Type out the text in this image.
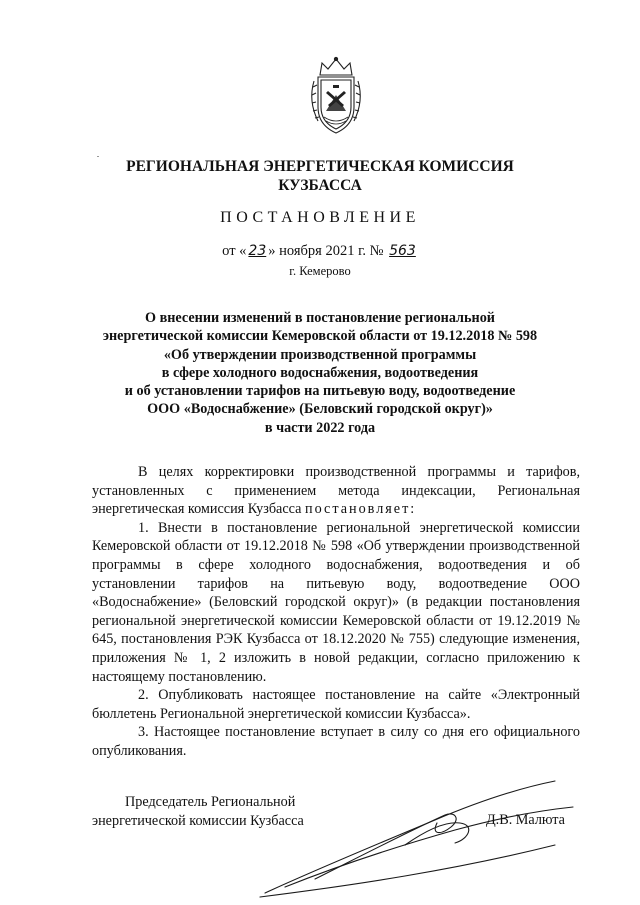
РЕГИОНАЛЬНАЯ ЭНЕРГЕТИЧЕСКАЯ КОМИССИЯ
КУЗБАССА
ПОСТАНОВЛЕНИЕ
от « 23 » ноября 2021 г. № 563
г. Кемерово
О внесении изменений в постановление региональной
энергетической комиссии Кемеровской области от 19.12.2018 № 598
«Об утверждении производственной программы
в сфере холодного водоснабжения, водоотведения
и об установлении тарифов на питьевую воду, водоотведение
ООО «Водоснабжение» (Беловский городской округ)»
в части 2022 года

В целях корректировки производственной программы и тарифов, установленных с применением метода индексации, Региональная энергетическая комиссия Кузбасса постановляет:

1. Внести в постановление региональной энергетической комиссии Кемеровской области от 19.12.2018 № 598 «Об утверждении производственной программы в сфере холодного водоснабжения, водоотведения и об установлении тарифов на питьевую воду, водоотведение ООО «Водоснабжение» (Беловский городской округ)» (в редакции постановления региональной энергетической комиссии Кемеровской области от 19.12.2019 № 645, постановления РЭК Кузбасса от 18.12.2020 № 755) следующие изменения, приложения № 1, 2 изложить в новой редакции, согласно приложению к настоящему постановлению.

2. Опубликовать настоящее постановление на сайте «Электронный бюллетень Региональной энергетической комиссии Кузбасса».

3. Настоящее постановление вступает в силу со дня его официального опубликования.

Председатель Региональной
энергетической комиссии Кузбасса	Д.В. Малюта
